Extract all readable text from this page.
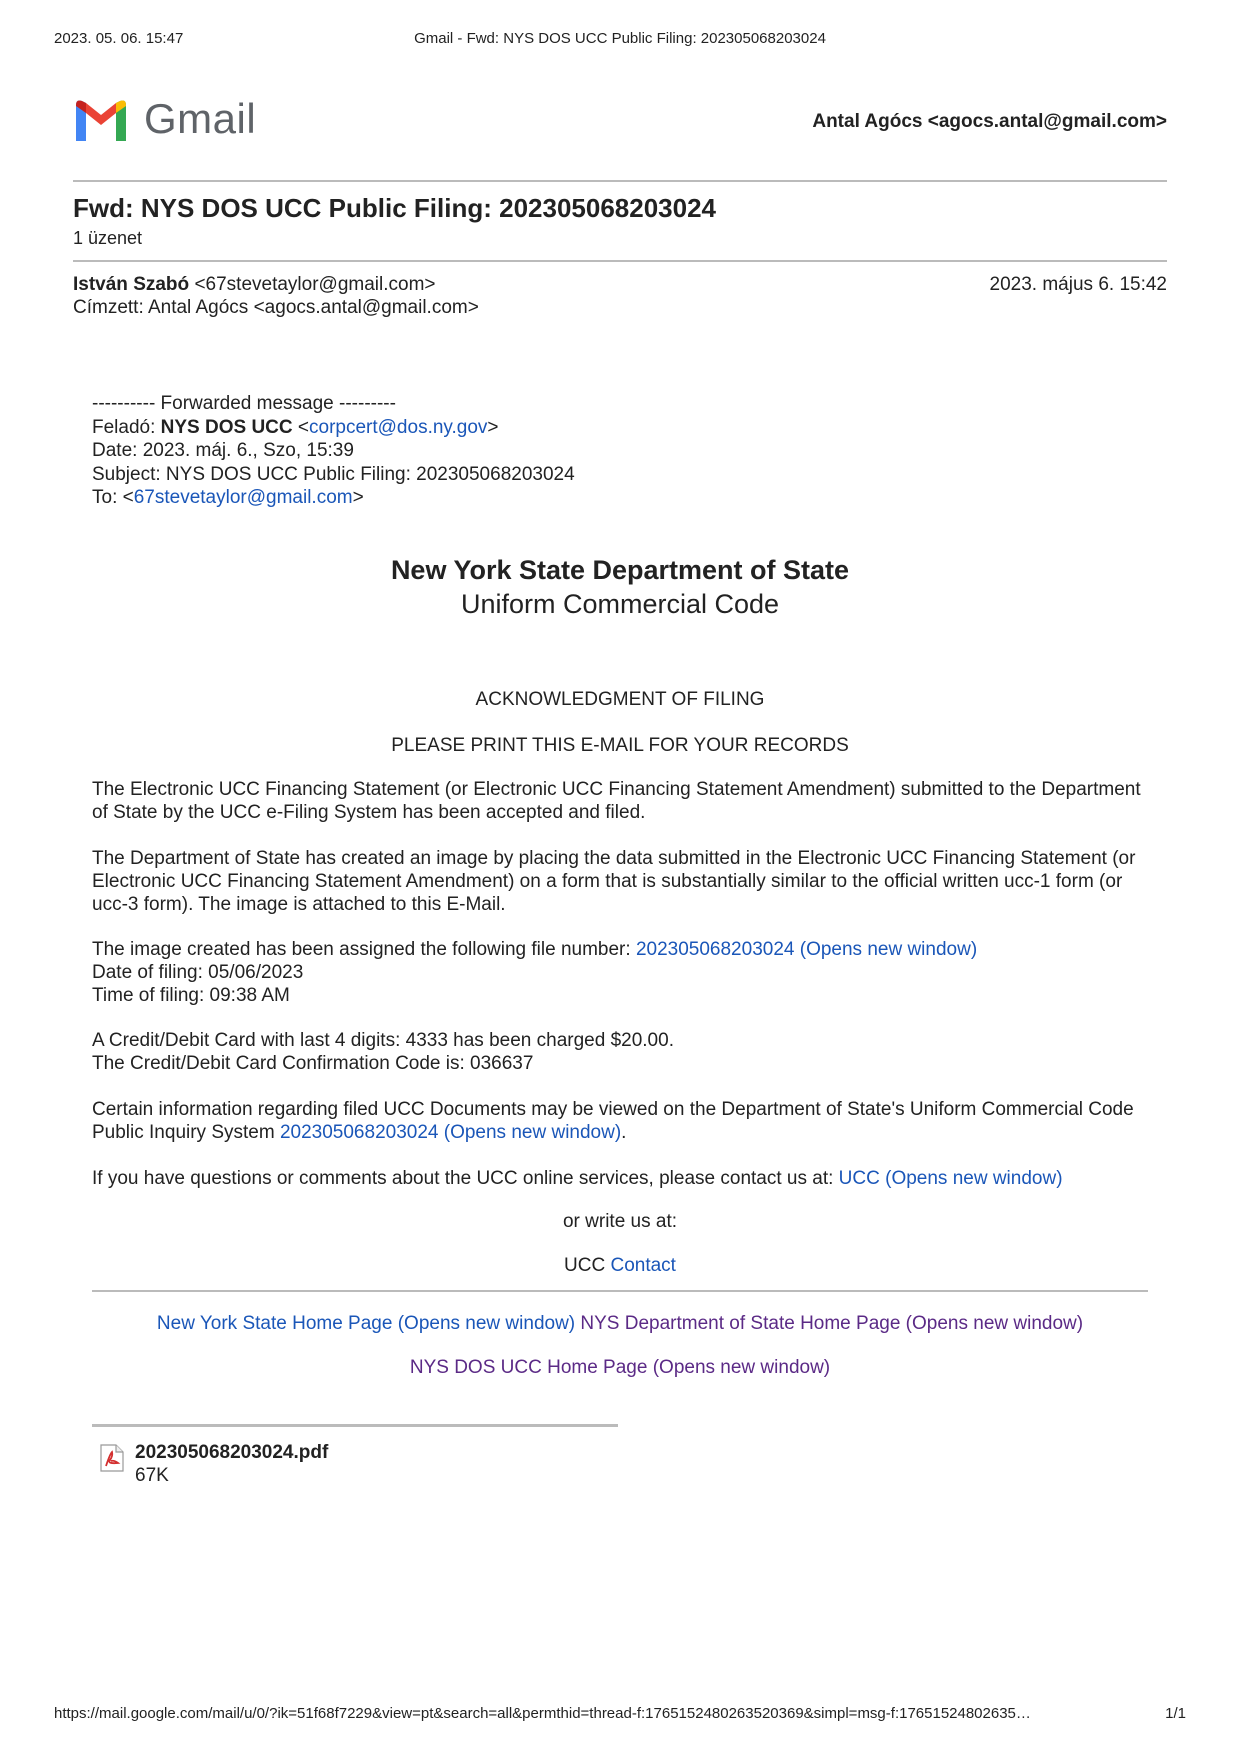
2023. 05. 06. 15:47	Gmail - Fwd: NYS DOS UCC Public Filing: 202305068203024
Gmail	Antal Agócs <agocs.antal@gmail.com>
Fwd: NYS DOS UCC Public Filing: 202305068203024
1 üzenet
István Szabó <67stevetaylor@gmail.com>
Címzett: Antal Agócs <agocs.antal@gmail.com>
2023. május 6. 15:42
---------- Forwarded message ---------
Feladó: NYS DOS UCC <corpcert@dos.ny.gov>
Date: 2023. máj. 6., Szo, 15:39
Subject: NYS DOS UCC Public Filing: 202305068203024
To: <67stevetaylor@gmail.com>
New York State Department of State
Uniform Commercial Code
ACKNOWLEDGMENT OF FILING
PLEASE PRINT THIS E-MAIL FOR YOUR RECORDS
The Electronic UCC Financing Statement (or Electronic UCC Financing Statement Amendment) submitted to the Department of State by the UCC e-Filing System has been accepted and filed.
The Department of State has created an image by placing the data submitted in the Electronic UCC Financing Statement (or Electronic UCC Financing Statement Amendment) on a form that is substantially similar to the official written ucc-1 form (or ucc-3 form). The image is attached to this E-Mail.
The image created has been assigned the following file number: 202305068203024 (Opens new window)
Date of filing: 05/06/2023
Time of filing: 09:38 AM
A Credit/Debit Card with last 4 digits: 4333 has been charged $20.00.
The Credit/Debit Card Confirmation Code is: 036637
Certain information regarding filed UCC Documents may be viewed on the Department of State's Uniform Commercial Code Public Inquiry System 202305068203024 (Opens new window).
If you have questions or comments about the UCC online services, please contact us at: UCC (Opens new window)
or write us at:
UCC Contact
New York State Home Page (Opens new window) NYS Department of State Home Page (Opens new window)
NYS DOS UCC Home Page (Opens new window)
202305068203024.pdf
67K
https://mail.google.com/mail/u/0/?ik=51f68f7229&view=pt&search=all&permthid=thread-f:1765152480263520369&simpl=msg-f:17651524802635…	1/1
